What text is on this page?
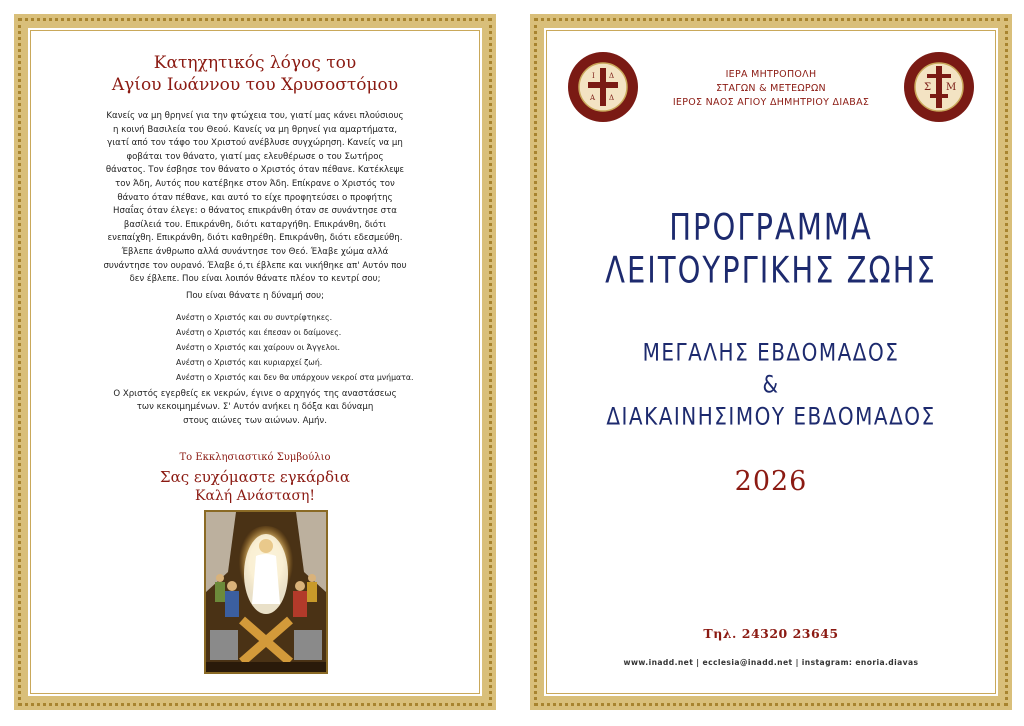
Κατηχητικός λόγος του
Αγίου Ιωάννου του Χρυσοστόμου

Κανείς να μη θρηνεί για την φτώχεια του, γιατί μας κάνει πλούσιους

η κοινή Βασιλεία του Θεού. Κανείς να μη θρηνεί για αμαρτήματα,

γιατί από τον τάφο του Χριστού ανέβλυσε συγχώρηση. Κανείς να μη

φοβάται τον θάνατο, γιατί μας ελευθέρωσε ο του Σωτήρος

θάνατος. Τον έσβησε τον θάνατο ο Χριστός όταν πέθανε. Κατέκλεψε

τον Άδη, Αυτός που κατέβηκε στον Άδη. Επίκρανε ο Χριστός τον

θάνατο όταν πέθανε, και αυτό το είχε προφητεύσει ο προφήτης

Ησαΐας όταν έλεγε: ο θάνατος επικράνθη όταν σε συνάντησε στα

βασίλειά του. Επικράνθη, διότι καταργήθη. Επικράνθη, διότι

ενεπαίχθη. Επικράνθη, διότι καθηρέθη. Επικράνθη, διότι εδεσμεύθη.

Έβλεπε άνθρωπο αλλά συνάντησε τον Θεό. Έλαβε χώμα αλλά

συνάντησε τον ουρανό. Έλαβε ό,τι έβλεπε και νικήθηκε απ' Αυτόν που

δεν έβλεπε. Που είναι λοιπόν θάνατε πλέον το κεντρί σου;

Που είναι θάνατε η δύναμή σου;
Ανέστη ο Χριστός και συ συντρίφτηκες.
Ανέστη ο Χριστός και έπεσαν οι δαίμονες.
Ανέστη ο Χριστός και χαίρουν οι Άγγελοι.
Ανέστη ο Χριστός και κυριαρχεί ζωή.
Ανέστη ο Χριστός και δεν θα υπάρχουν νεκροί στα μνήματα.
Ο Χριστός εγερθείς εκ νεκρών, έγινε ο αρχηγός της αναστάσεως
των κεκοιμημένων. Σ' Αυτόν ανήκει η δόξα και δύναμη
στους αιώνες των αιώνων. Αμήν.
Το Εκκλησιαστικό Συμβούλιο
Σας ευχόμαστε εγκάρδια
Καλή Ανάσταση!
Ι Δ
Α Δ
Σ Μ
ΙΕΡΑ ΜΗΤΡΟΠΟΛΗ
ΣΤΑΓΩΝ & ΜΕΤΕΩΡΩΝ
ΙΕΡΟΣ ΝΑΟΣ ΑΓΙΟΥ ΔΗΜΗΤΡΙΟΥ ΔΙΑΒΑΣ
ΠΡΟΓΡΑΜΜΑ
ΛΕΙΤΟΥΡΓΙΚΗΣ ΖΩΗΣ
ΜΕΓΑΛΗΣ ΕΒΔΟΜΑΔΟΣ
&
ΔΙΑΚΑΙΝΗΣΙΜΟΥ ΕΒΔΟΜΑΔΟΣ
2026
Τηλ. 24320 23645
www.inadd.net | ecclesia@inadd.net | instagram: enoria.diavas
